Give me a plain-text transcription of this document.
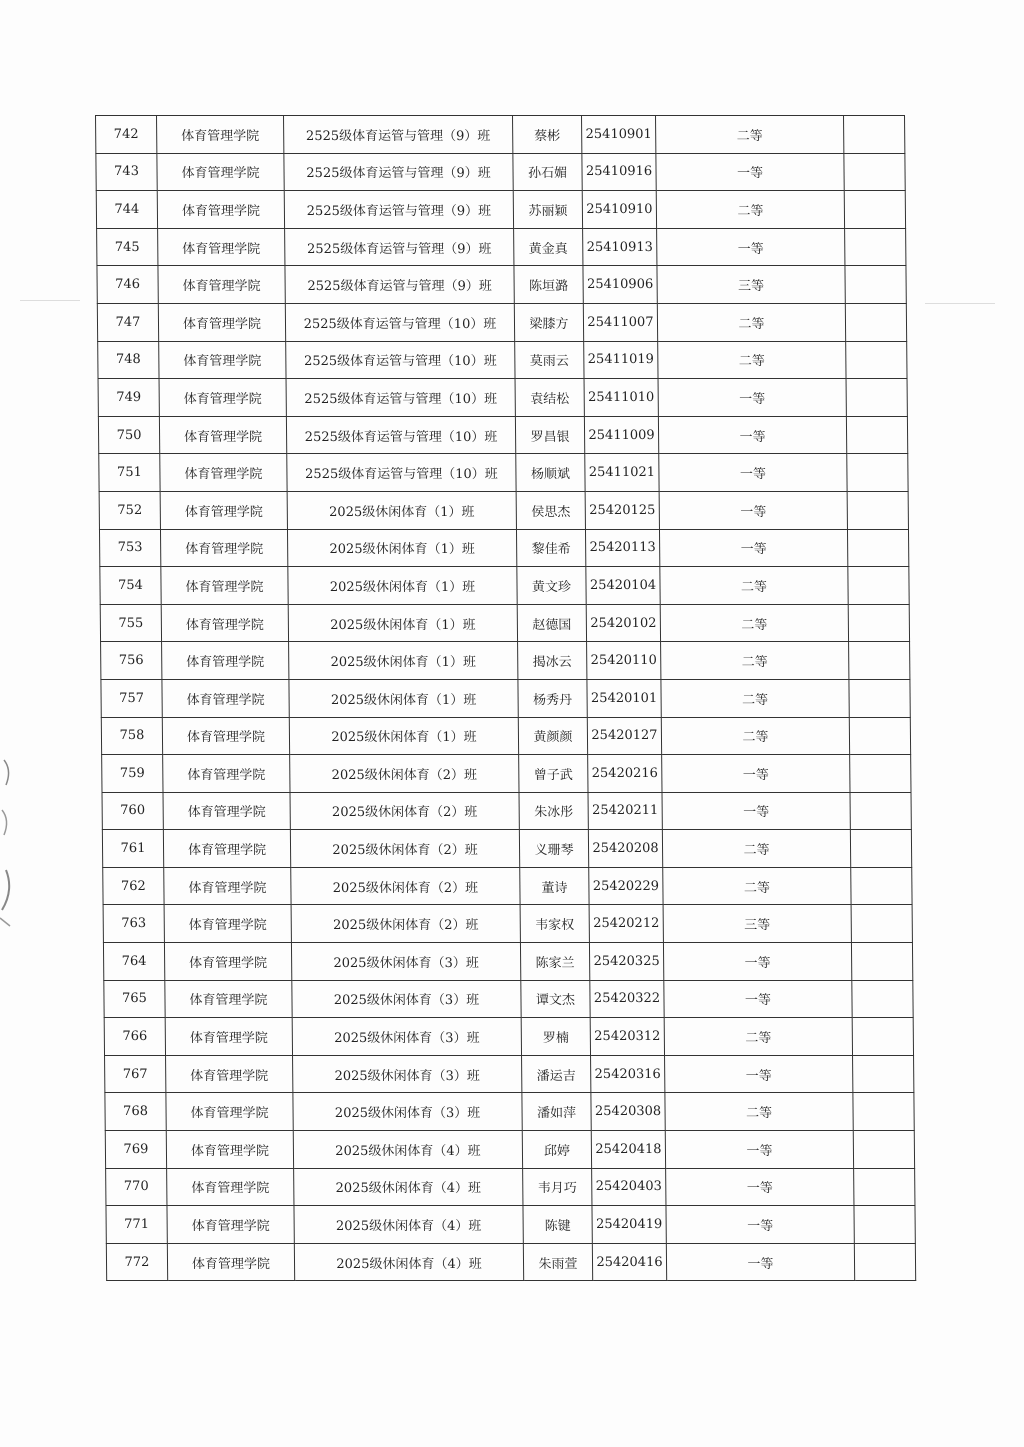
742	体育管理学院	2525级体育运管与管理（9）班	蔡彬	25410901	二等	
743	体育管理学院	2525级体育运管与管理（9）班	孙石媚	25410916	一等	
744	体育管理学院	2525级体育运管与管理（9）班	苏丽颖	25410910	二等	
745	体育管理学院	2525级体育运管与管理（9）班	黄金真	25410913	一等	
746	体育管理学院	2525级体育运管与管理（9）班	陈垣潞	25410906	三等	
747	体育管理学院	2525级体育运管与管理（10）班	梁膝方	25411007	二等	
748	体育管理学院	2525级体育运管与管理（10）班	莫雨云	25411019	二等	
749	体育管理学院	2525级体育运管与管理（10）班	袁结松	25411010	一等	
750	体育管理学院	2525级体育运管与管理（10）班	罗昌银	25411009	一等	
751	体育管理学院	2525级体育运管与管理（10）班	杨顺斌	25411021	一等	
752	体育管理学院	2025级休闲体育（1）班	侯思杰	25420125	一等	
753	体育管理学院	2025级休闲体育（1）班	黎佳希	25420113	一等	
754	体育管理学院	2025级休闲体育（1）班	黄文珍	25420104	二等	
755	体育管理学院	2025级休闲体育（1）班	赵德国	25420102	二等	
756	体育管理学院	2025级休闲体育（1）班	揭冰云	25420110	二等	
757	体育管理学院	2025级休闲体育（1）班	杨秀丹	25420101	二等	
758	体育管理学院	2025级休闲体育（1）班	黄颜颜	25420127	二等	
759	体育管理学院	2025级休闲体育（2）班	曾子武	25420216	一等	
760	体育管理学院	2025级休闲体育（2）班	朱冰彤	25420211	一等	
761	体育管理学院	2025级休闲体育（2）班	义珊琴	25420208	二等	
762	体育管理学院	2025级休闲体育（2）班	董诗	25420229	二等	
763	体育管理学院	2025级休闲体育（2）班	韦家权	25420212	三等	
764	体育管理学院	2025级休闲体育（3）班	陈家兰	25420325	一等	
765	体育管理学院	2025级休闲体育（3）班	谭文杰	25420322	一等	
766	体育管理学院	2025级休闲体育（3）班	罗楠	25420312	二等	
767	体育管理学院	2025级休闲体育（3）班	潘运吉	25420316	一等	
768	体育管理学院	2025级休闲体育（3）班	潘如萍	25420308	二等	
769	体育管理学院	2025级休闲体育（4）班	邱婷	25420418	一等	
770	体育管理学院	2025级休闲体育（4）班	韦月巧	25420403	一等	
771	体育管理学院	2025级休闲体育（4）班	陈键	25420419	一等	
772	体育管理学院	2025级休闲体育（4）班	朱雨萱	25420416	一等	
